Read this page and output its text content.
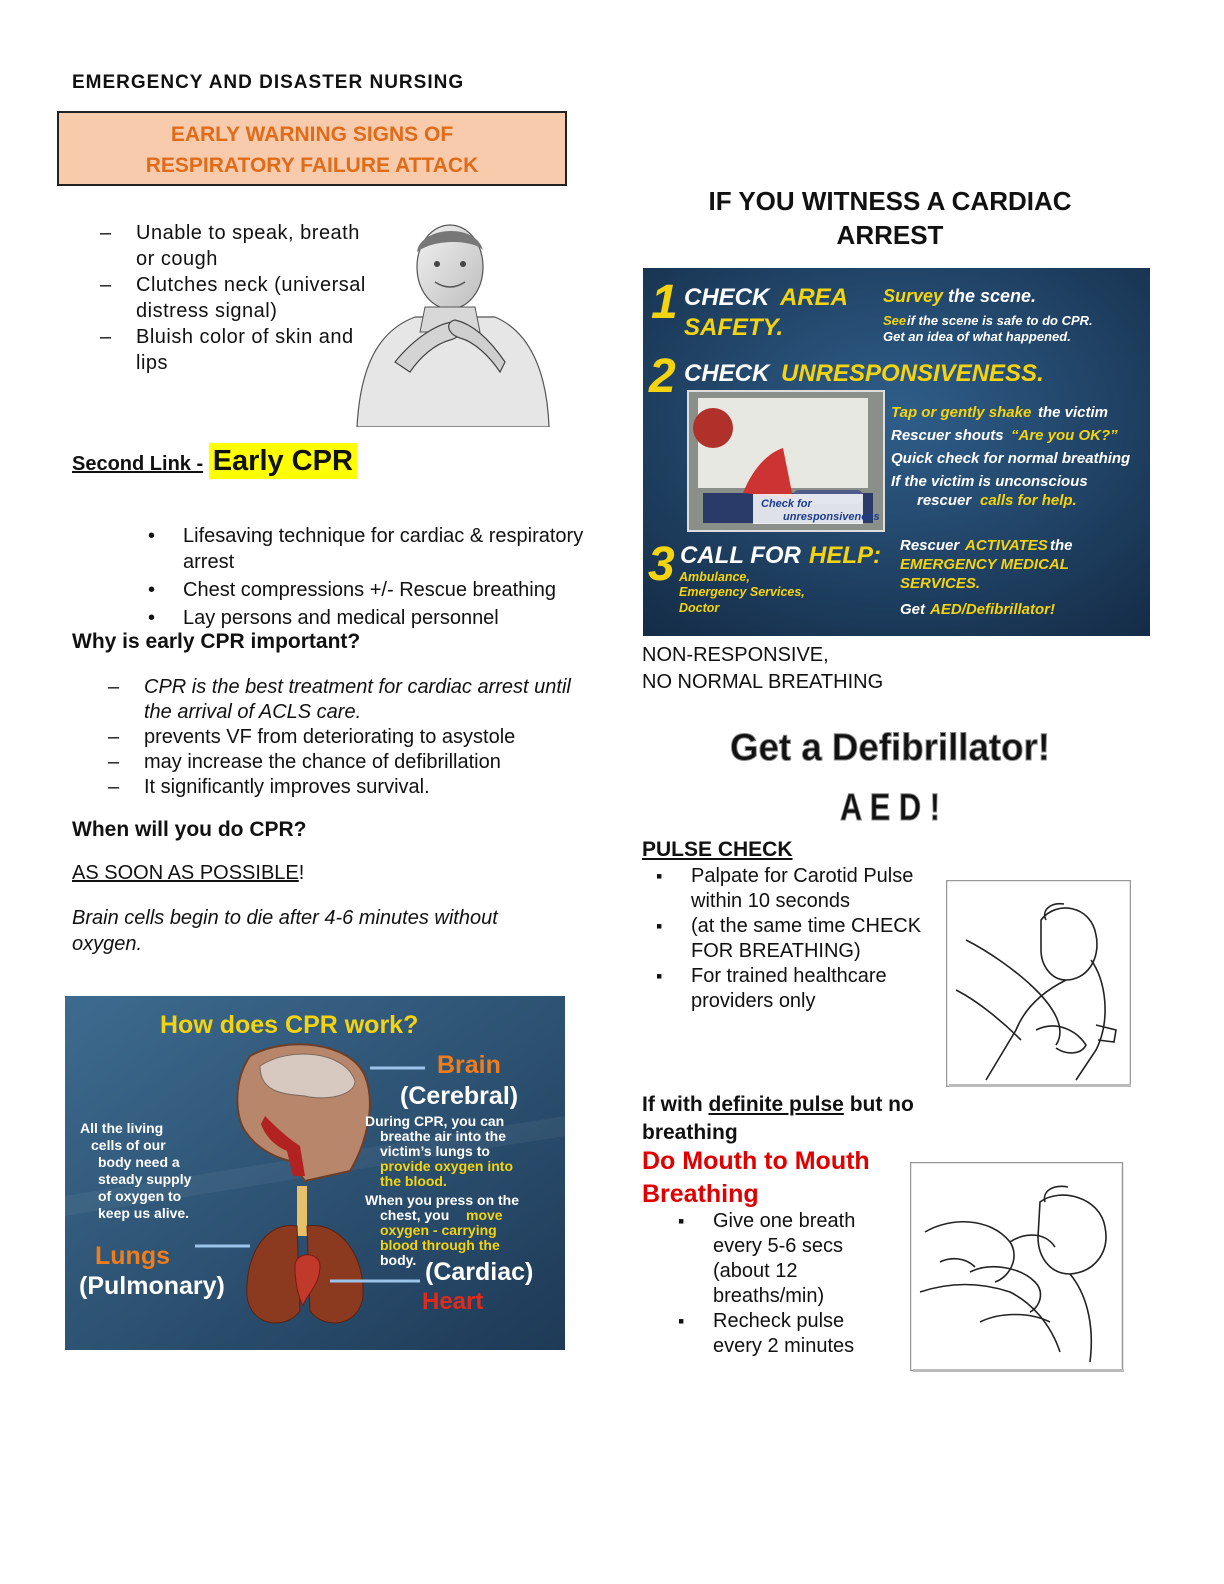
EMERGENCY AND DISASTER NURSING
EARLY WARNING SIGNS OF
RESPIRATORY FAILURE ATTACK
– Unable to speak, breath or cough
– Clutches neck (universal distress signal)
– Bluish color of skin and lips
Second Link - Early CPR
• Lifesaving technique for cardiac & respiratory arrest
• Chest compressions +/- Rescue breathing
• Lay persons and medical personnel
Why is early CPR important?
– CPR is the best treatment for cardiac arrest until the arrival of ACLS care.
– prevents VF from deteriorating to asystole
– may increase the chance of defibrillation
– It significantly improves survival.
When will you do CPR?
AS SOON AS POSSIBLE!
Brain cells begin to die after 4-6 minutes without oxygen.
How does CPR work?
Brain
(Cerebral)
All the living
cells of our
body need a
steady supply
of oxygen to
keep us alive.
During CPR, you can
breathe air into the
victim’s lungs to
provide oxygen into
the blood.
When you press on the
chest, you move
oxygen - carrying
blood through the
body.
Lungs
(Pulmonary)	(Cardiac)
Heart
IF YOU WITNESS A CARDIAC
ARREST
1 CHECK AREA
SAFETY.
Survey the scene.
See if the scene is safe to do CPR.
Get an idea of what happened.
2 CHECK UNRESPONSIVENESS.
Tap or gently shake the victim
Rescuer shouts “Are you OK?”
Quick check for normal breathing
If the victim is unconscious
rescuer calls for help.
Check for
unresponsiveness
3 CALL FOR HELP:
Ambulance,
Emergency Services,
Doctor
Rescuer ACTIVATES the
EMERGENCY MEDICAL
SERVICES.
Get AED/Defibrillator!
NON-RESPONSIVE,
NO NORMAL BREATHING
Get a Defibrillator!
A E D !
PULSE CHECK
▪ Palpate for Carotid Pulse within 10 seconds
▪ (at the same time CHECK FOR BREATHING)
▪ For trained healthcare providers only
If with definite pulse but no breathing
Do Mouth to Mouth Breathing
▪ Give one breath every 5-6 secs (about 12 breaths/min)
▪ Recheck pulse every 2 minutes
